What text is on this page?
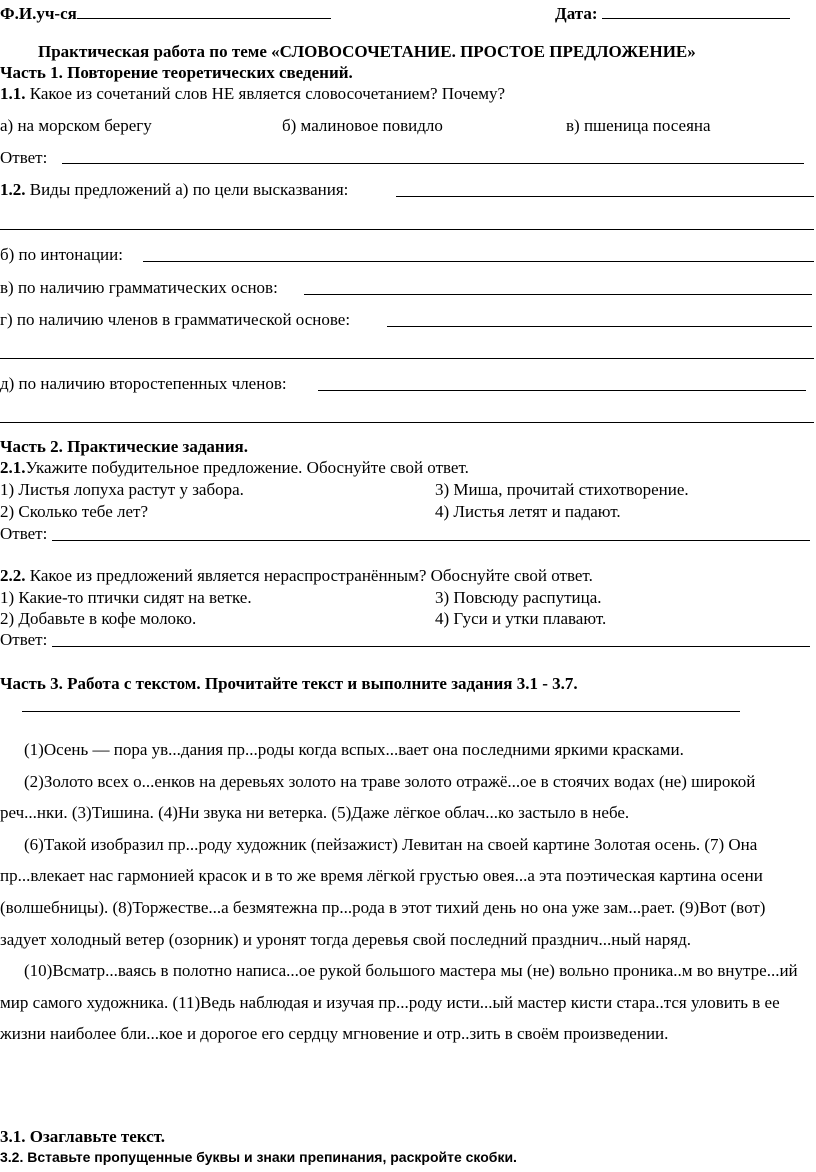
Ф.И.уч-ся	Дата:
Практическая работа по теме «СЛОВОСОЧЕТАНИЕ. ПРОСТОЕ ПРЕДЛОЖЕНИЕ»
Часть 1. Повторение теоретических сведений.
1.1. Какое из сочетаний слов НЕ является словосочетанием? Почему?
а) на морском берегу	б) малиновое повидло	в) пшеница посеяна
Ответ:
1.2. Виды предложений а) по цели высказвания:
б) по интонации:
в) по наличию грамматических основ:
г) по наличию членов в грамматической основе:
д) по наличию второстепенных членов:
Часть 2. Практические задания.
2.1.Укажите побудительное предложение. Обоснуйте свой ответ.
1) Листья лопуха растут у забора.	3) Миша, прочитай стихотворение.
2) Сколько тебе лет?	4) Листья летят и падают.
Ответ:
2.2. Какое из предложений является нераспространённым? Обоснуйте свой ответ.
1) Какие-то птички сидят на ветке.	3) Повсюду распутица.
2) Добавьте в кофе молоко.	4) Гуси и утки плавают.
Ответ:
Часть 3. Работа с текстом. Прочитайте текст и выполните задания 3.1 - 3.7.

(1)Осень — пора ув...дания пр...роды когда вспых...вает она последними яркими красками.

(2)Золото всех о...енков на деревьях золото на траве золото отражё...ое в стоячих водах (не) широкой реч...нки. (3)Тишина. (4)Ни звука ни ветерка. (5)Даже лёгкое облач...ко застыло в небе.

(6)Такой изобразил пр...роду художник (пейзажист) Левитан на своей картине Золотая осень. (7) Она пр...влекает нас гармонией красок и в то же время лёгкой грустью овея...а эта поэтическая картина осени (волшебницы). (8)Торжестве...а безмятежна пр...рода в этот тихий день но она уже зам...рает. (9)Вот (вот) задует холодный ветер (озорник) и уронят тогда деревья свой последний празднич...ный наряд.

(10)Всматр...ваясь в полотно написа...ое рукой большого мастера мы (не) вольно проника..м во внутре...ий мир самого художника. (11)Ведь наблюдая и изучая пр...роду исти...ый мастер кисти стара..тся уловить в ее жизни наиболее бли...кое и дорогое его сердцу мгновение и отр..зить в своём произведении.

3.1. Озаглавьте текст.
3.2. Вставьте пропущенные буквы и знаки препинания, раскройте скобки.
